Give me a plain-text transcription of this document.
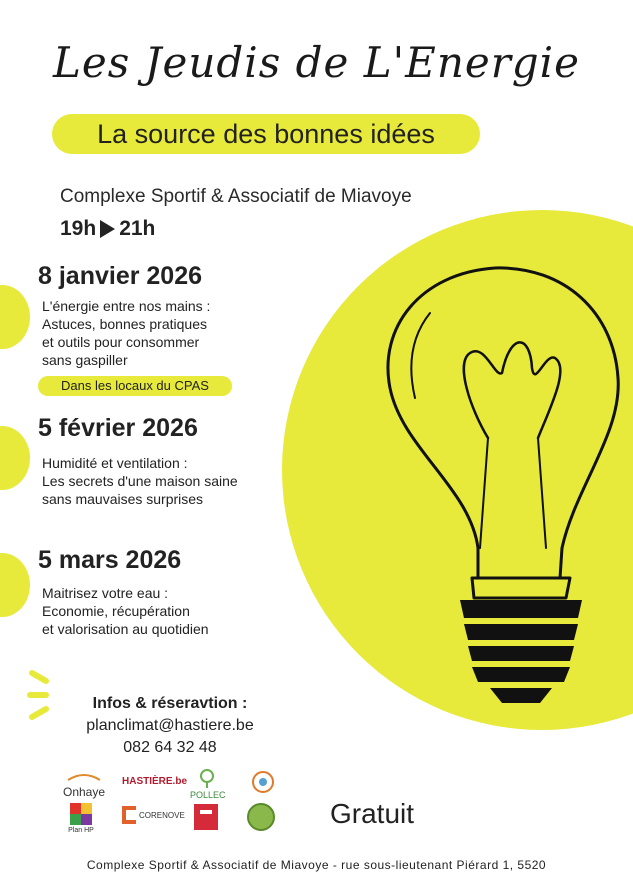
Les Jeudis de L'Energie
La source des bonnes idées
Complexe Sportif & Associatif de Miavoye
19h 21h
8 janvier 2026
L'énergie entre nos mains :
Astuces, bonnes pratiques
et outils pour consommer
sans gaspiller
Dans les locaux du CPAS
5 février 2026
Humidité et ventilation :
Les secrets d'une maison saine
sans mauvaises surprises
5 mars 2026
Maitrisez votre eau :
Economie, récupération
et valorisation au quotidien
Infos & réseravtion :
planclimat@hastiere.be
082 64 32 48
Onhaye
HASTIÈRE.be
POLLEC
Plan HP
CORENOVE	Gratuit
Complexe Sportif & Associatif de Miavoye - rue sous-lieutenant Piérard 1, 5520
